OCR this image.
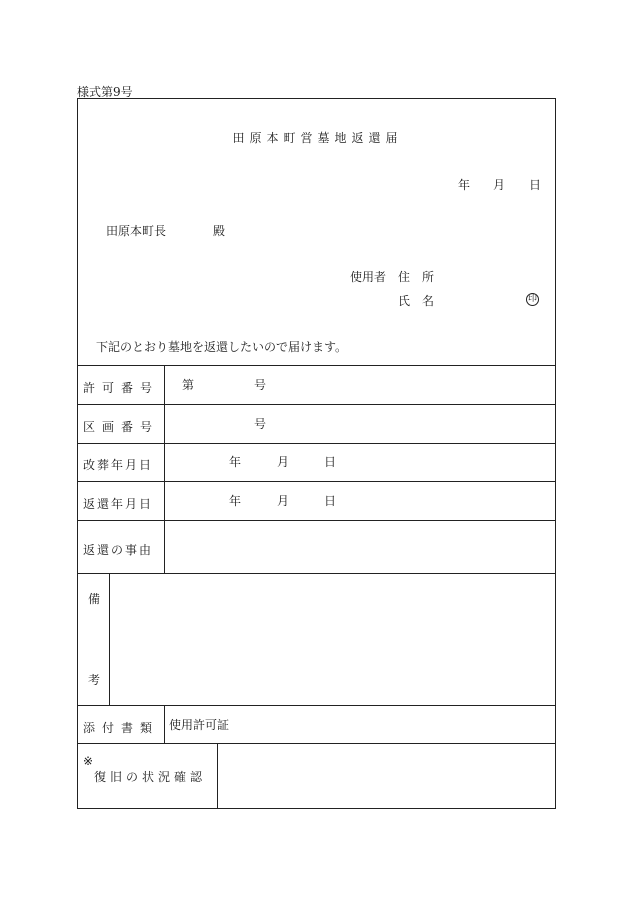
様式第9号
田原本町営墓地返還届
年 月 日
田原本町長	殿
使用者 住　所
氏　名	印
下記のとおり墓地を返還したいので届けます。
許可番号 第	号
区画番号	号
改葬年月日	年	月	日
返還年月日	年	月	日
返還の事由
備
考
添付書類 使用許可証
※
復旧の状況確認
